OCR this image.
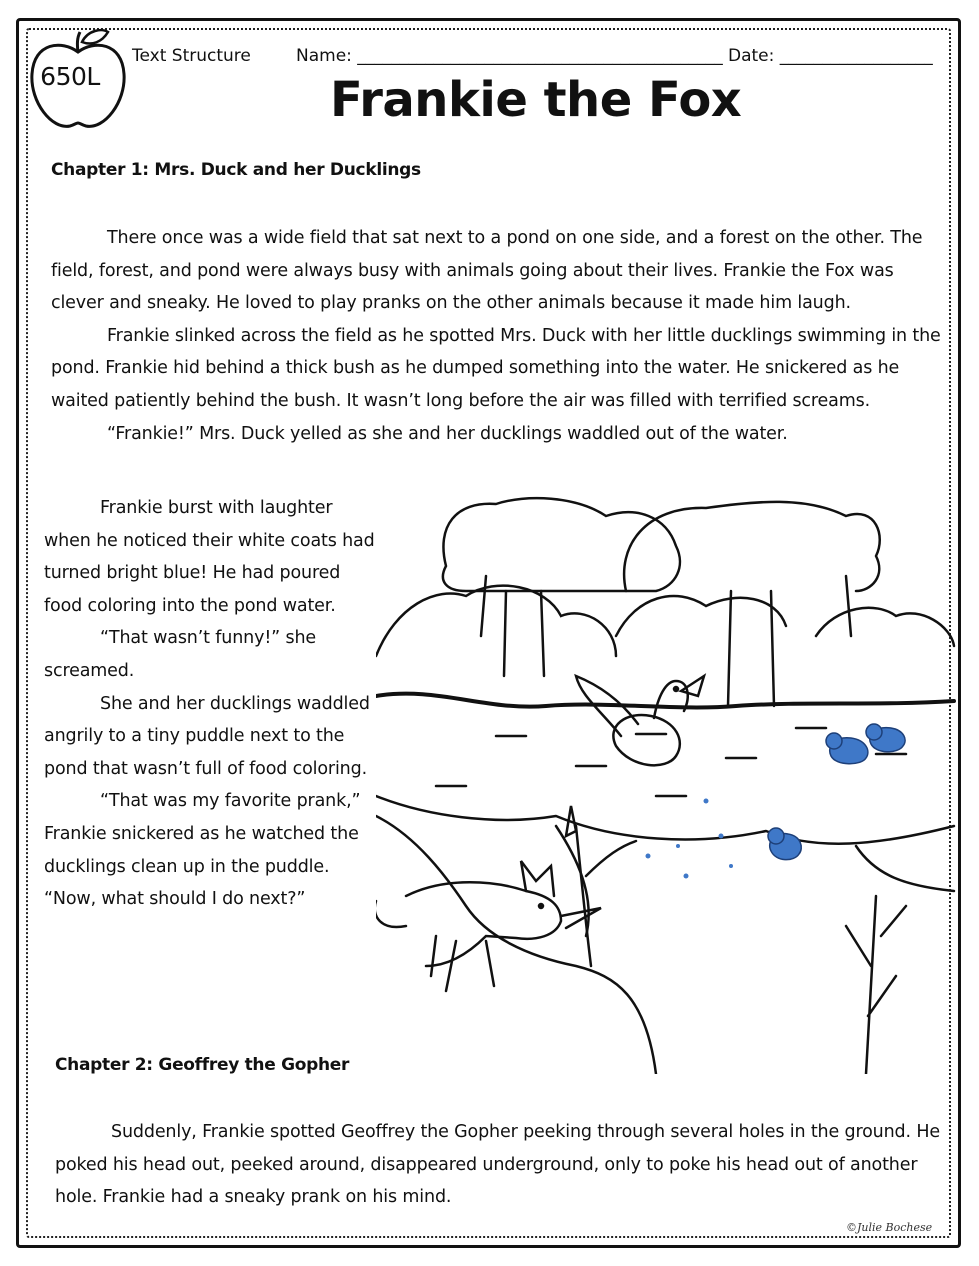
650L
Text Structure	Name: ___________________________________________ Date: __________________
Frankie the Fox
Chapter 1: Mrs. Duck and her Ducklings

There once was a wide field that sat next to a pond on one side, and a forest on the other. The field, forest, and pond were always busy with animals going about their lives. Frankie the Fox was clever and sneaky. He loved to play pranks on the other animals because it made him laugh.

Frankie slinked across the field as he spotted Mrs. Duck with her little ducklings swimming in the pond. Frankie hid behind a thick bush as he dumped something into the water. He snickered as he waited patiently behind the bush. It wasn’t long before the air was filled with terrified screams.

“Frankie!” Mrs. Duck yelled as she and her ducklings waddled out of the water.

Frankie burst with laughter when he noticed their white coats had turned bright blue! He had poured food coloring into the pond water.

“That wasn’t funny!” she screamed.

She and her ducklings waddled angrily to a tiny puddle next to the pond that wasn’t full of food coloring.

“That was my favorite prank,” Frankie snickered as he watched the ducklings clean up in the puddle. “Now, what should I do next?”

Chapter 2: Geoffrey the Gopher

Suddenly, Frankie spotted Geoffrey the Gopher peeking through several holes in the ground. He poked his head out, peeked around, disappeared underground, only to poke his head out of another hole. Frankie had a sneaky prank on his mind.

©Julie Bochese
